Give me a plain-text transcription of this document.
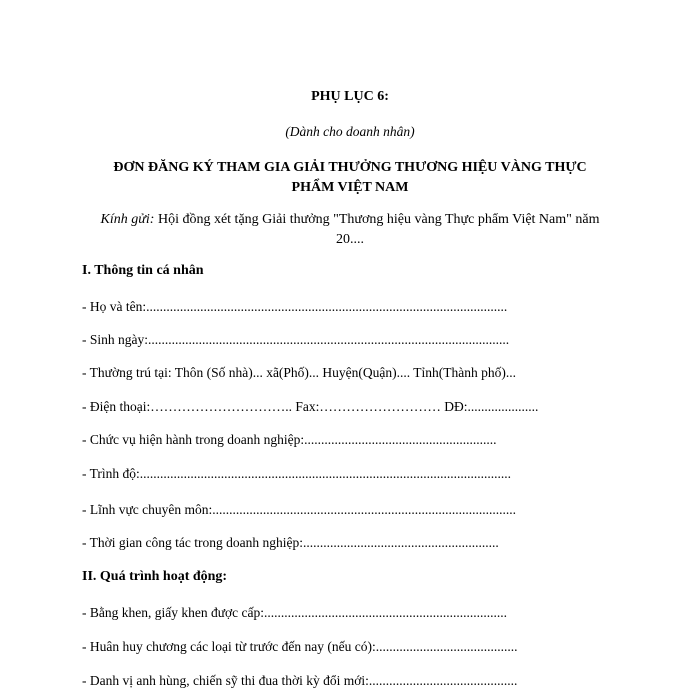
PHỤ LỤC 6:
(Dành cho doanh nhân)
ĐƠN ĐĂNG KÝ THAM GIA GIẢI THƯỞNG THƯƠNG HIỆU VÀNG THỰC
PHẨM VIỆT NAM
Kính gửi: Hội đồng xét tặng Giải thưởng "Thương hiệu vàng Thực phẩm Việt Nam" năm
20....
I. Thông tin cá nhân
- Họ và tên:...........................................................................................................
- Sinh ngày:...........................................................................................................
- Thường trú tại: Thôn (Số nhà)... xã(Phố)... Huyện(Quận).... Tỉnh(Thành phố)...
- Điện thoại:………………………….. Fax:……………………… DĐ:.....................
- Chức vụ hiện hành trong doanh nghiệp:.........................................................
- Trình độ:..............................................................................................................
- Lĩnh vực chuyên môn:..........................................................................................
- Thời gian công tác trong doanh nghiệp:..........................................................
II. Quá trình hoạt động:
- Bằng khen, giấy khen được cấp:........................................................................
- Huân huy chương các loại từ trước đến nay (nếu có):..........................................
- Danh vị anh hùng, chiến sỹ thi đua thời kỳ đổi mới:............................................
